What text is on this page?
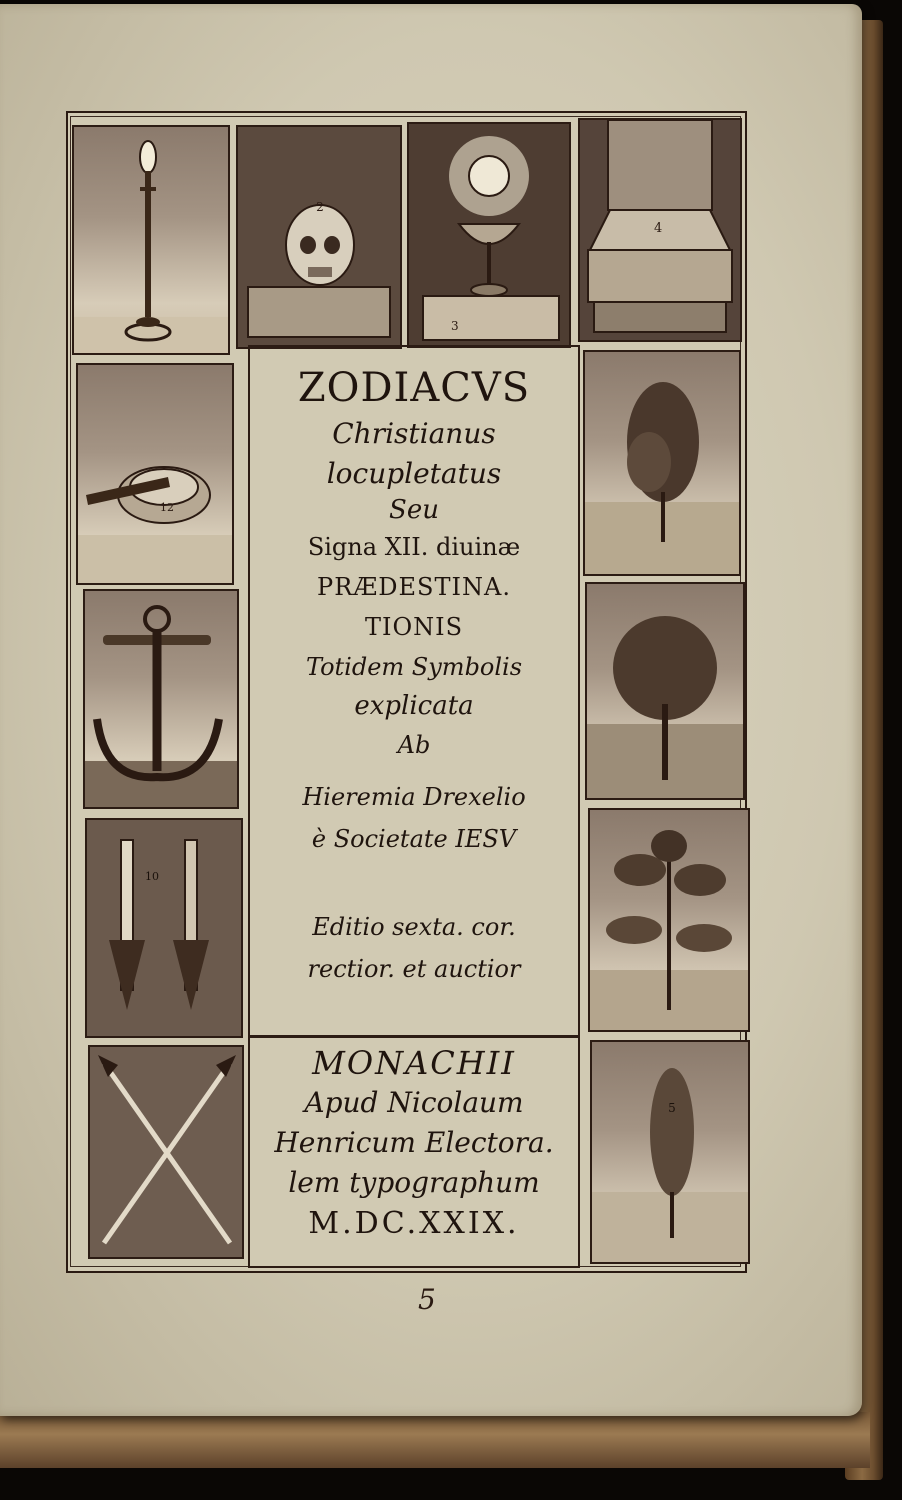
2
3
4
12
10
5
ZODIACVS
Christianus
locupletatus
Seu
Signa XII. diuinæ
PRÆDESTINA.
TIONIS
Totidem Symbolis
explicata
Ab
Hieremia Drexelio
è Societate IESV
Editio sexta. cor.
rectior. et auctior
MONACHII
Apud Nicolaum
Henricum Electora.
lem typographum
M.DC.XXIX.
5
